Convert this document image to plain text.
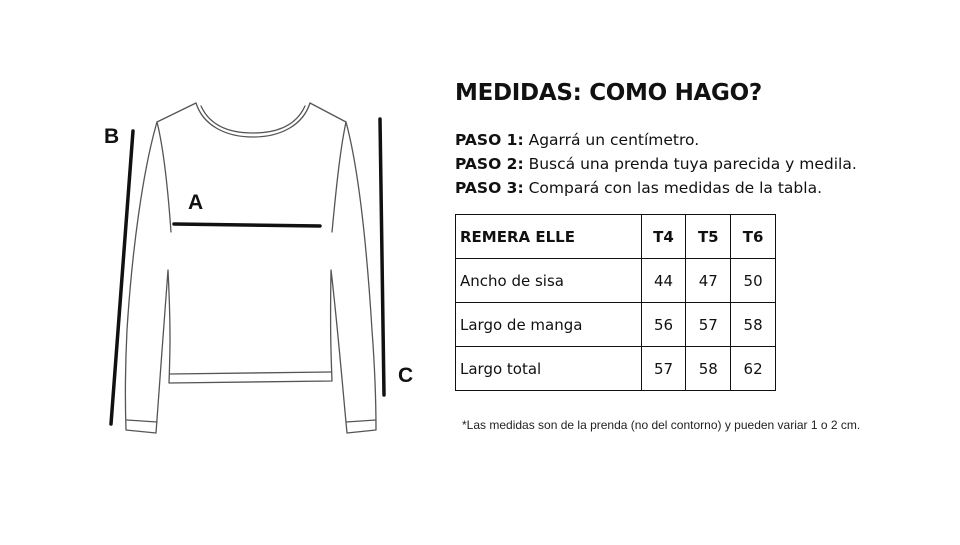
B
A
C
MEDIDAS: COMO HAGO?
PASO 1: Agarrá un centímetro.
PASO 2: Buscá una prenda tuya parecida y medila.
PASO 3: Compará con las medidas de la tabla.
REMERA ELLE	T4	T5	T6
Ancho de sisa	44	47	50
Largo de manga	56	57	58
Largo total	57	58	62
*Las medidas son de la prenda (no del contorno) y pueden variar 1 o 2 cm.
